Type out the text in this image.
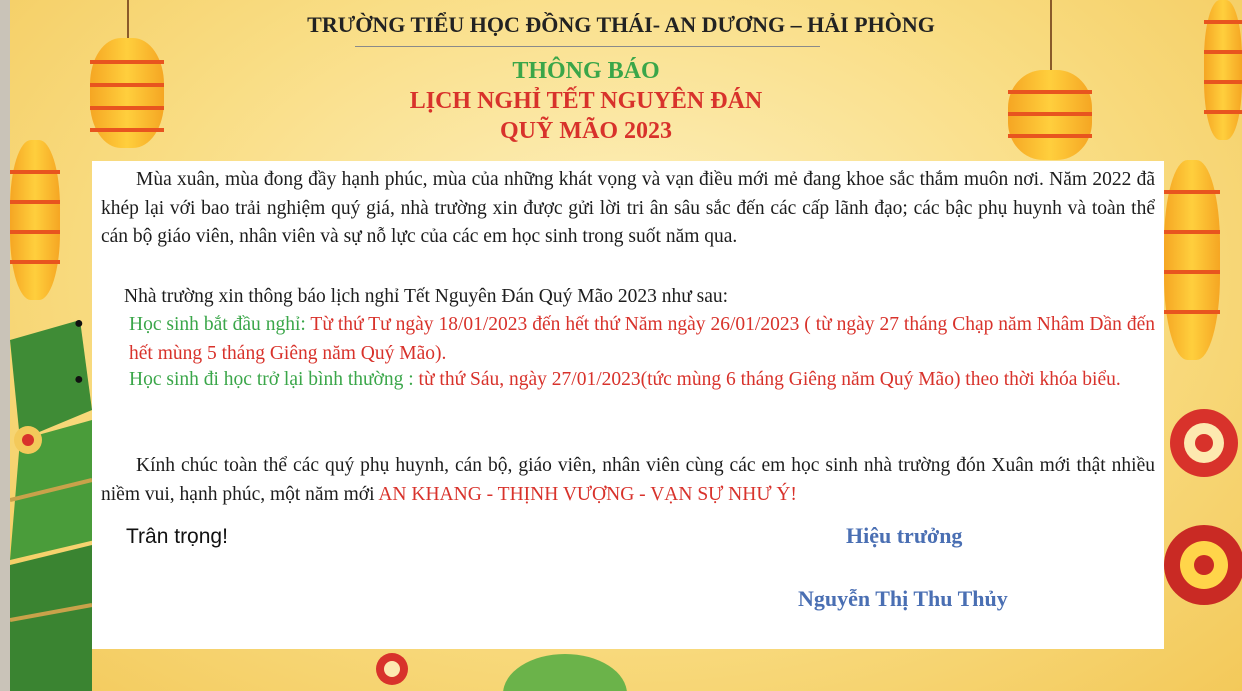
TRƯỜNG TIỂU HỌC ĐỒNG THÁI- AN DƯƠNG – HẢI PHÒNG
THÔNG BÁO
LỊCH NGHỈ TẾT NGUYÊN ĐÁN
QUỸ MÃO 2023
Mùa xuân, mùa đong đầy hạnh phúc, mùa của những khát vọng và vạn điều mới mẻ đang khoe sắc thắm muôn nơi. Năm 2022 đã khép lại với bao trải nghiệm quý giá, nhà trường xin được gửi lời tri ân sâu sắc đến các cấp lãnh đạo; các bậc phụ huynh và toàn thể cán bộ giáo viên, nhân viên và sự nỗ lực của các em học sinh trong suốt năm qua.
Nhà trường xin thông báo lịch nghỉ Tết Nguyên Đán Quý Mão 2023 như sau:
● Học sinh bắt đầu nghỉ: Từ thứ Tư ngày 18/01/2023 đến hết thứ Năm ngày 26/01/2023 ( từ ngày 27 tháng Chạp năm Nhâm Dần đến hết mùng 5 tháng Giêng năm Quý Mão).
● Học sinh đi học trở lại bình thường : từ thứ Sáu, ngày 27/01/2023(tức mùng 6 tháng Giêng năm Quý Mão) theo thời khóa biểu.
Kính chúc toàn thể các quý phụ huynh, cán bộ, giáo viên, nhân viên cùng các em học sinh nhà trường đón Xuân mới thật nhiều niềm vui, hạnh phúc, một năm mới AN KHANG - THỊNH VƯỢNG - VẠN SỰ NHƯ Ý!
Trân trọng!	Hiệu trưởng
Nguyễn Thị Thu Thủy
